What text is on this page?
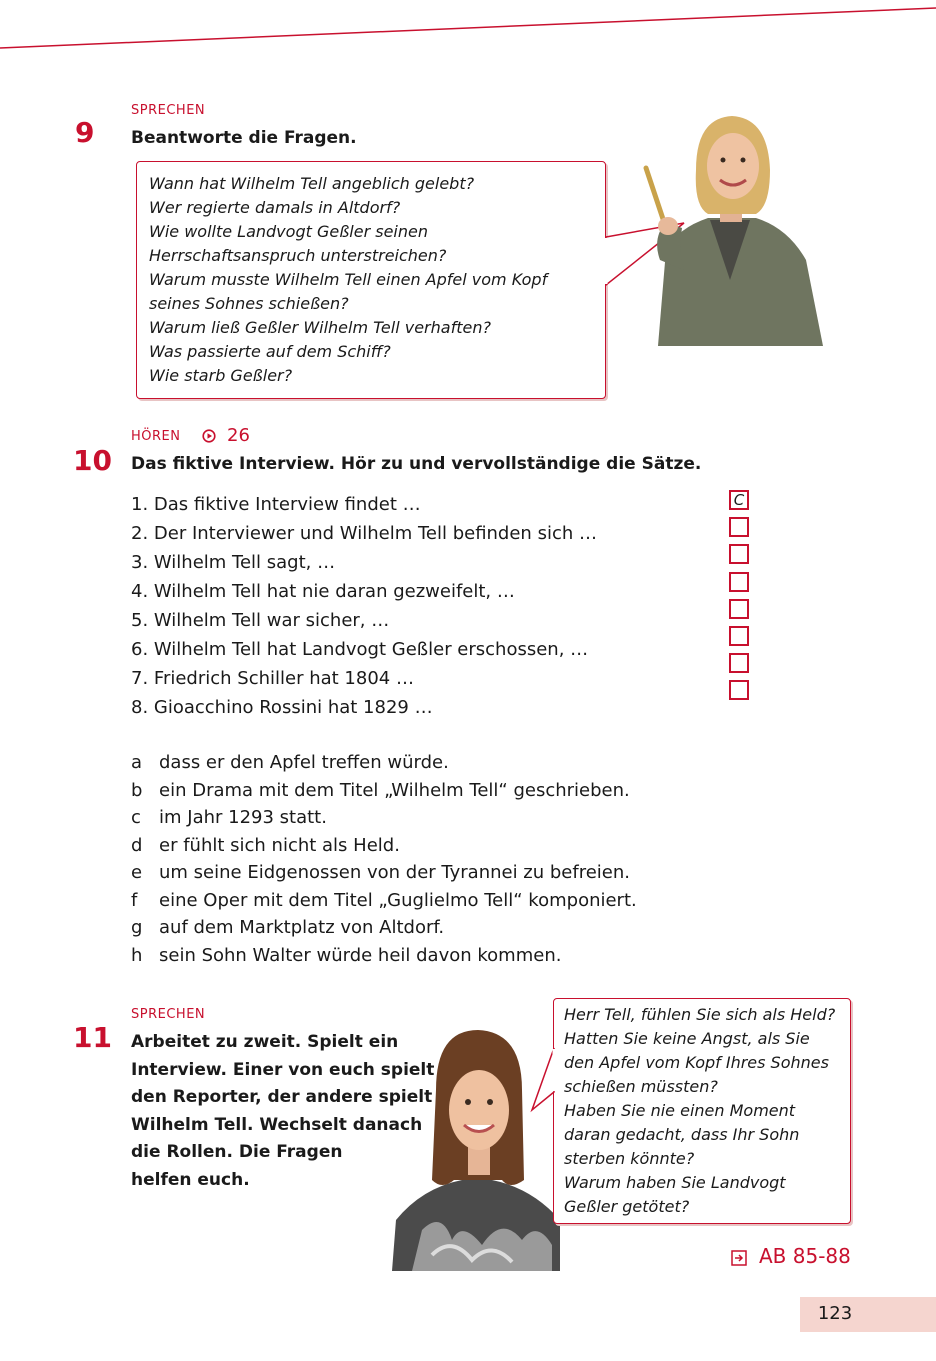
SPRECHEN
9 Beantworte die Fragen.
Wann hat Wilhelm Tell angeblich gelebt?
Wer regierte damals in Altdorf?
Wie wollte Landvogt Geßler seinen
Herrschaftsanspruch unterstreichen?
Warum musste Wilhelm Tell einen Apfel vom Kopf
seines Sohnes schießen?
Warum ließ Geßler Wilhelm Tell verhaften?
Was passierte auf dem Schiff?
Wie starb Geßler?
HÖREN	26
10 Das fiktive Interview. Hör zu und vervollständige die Sätze.
1. Das fiktive Interview findet …
2. Der Interviewer und Wilhelm Tell befinden sich …
3. Wilhelm Tell sagt, …
4. Wilhelm Tell hat nie daran gezweifelt, …
5. Wilhelm Tell war sicher, …
6. Wilhelm Tell hat Landvogt Geßler erschossen, …
7. Friedrich Schiller hat 1804 …
8. Gioacchino Rossini hat 1829 …
C
a dass er den Apfel treffen würde.
b ein Drama mit dem Titel „Wilhelm Tell“ geschrieben.
c im Jahr 1293 statt.
d er fühlt sich nicht als Held.
e um seine Eidgenossen von der Tyrannei zu befreien.
f eine Oper mit dem Titel „Guglielmo Tell“ komponiert.
g auf dem Marktplatz von Altdorf.
h sein Sohn Walter würde heil davon kommen.
SPRECHEN
11 Arbeitet zu zweit. Spielt ein
Interview. Einer von euch spielt
den Reporter, der andere spielt
Wilhelm Tell. Wechselt danach
die Rollen. Die Fragen
helfen euch.
Herr Tell, fühlen Sie sich als Held?
Hatten Sie keine Angst, als Sie
den Apfel vom Kopf Ihres Sohnes
schießen müssten?
Haben Sie nie einen Moment
daran gedacht, dass Ihr Sohn
sterben könnte?
Warum haben Sie Landvogt
Geßler getötet?
AB 85-88
123
